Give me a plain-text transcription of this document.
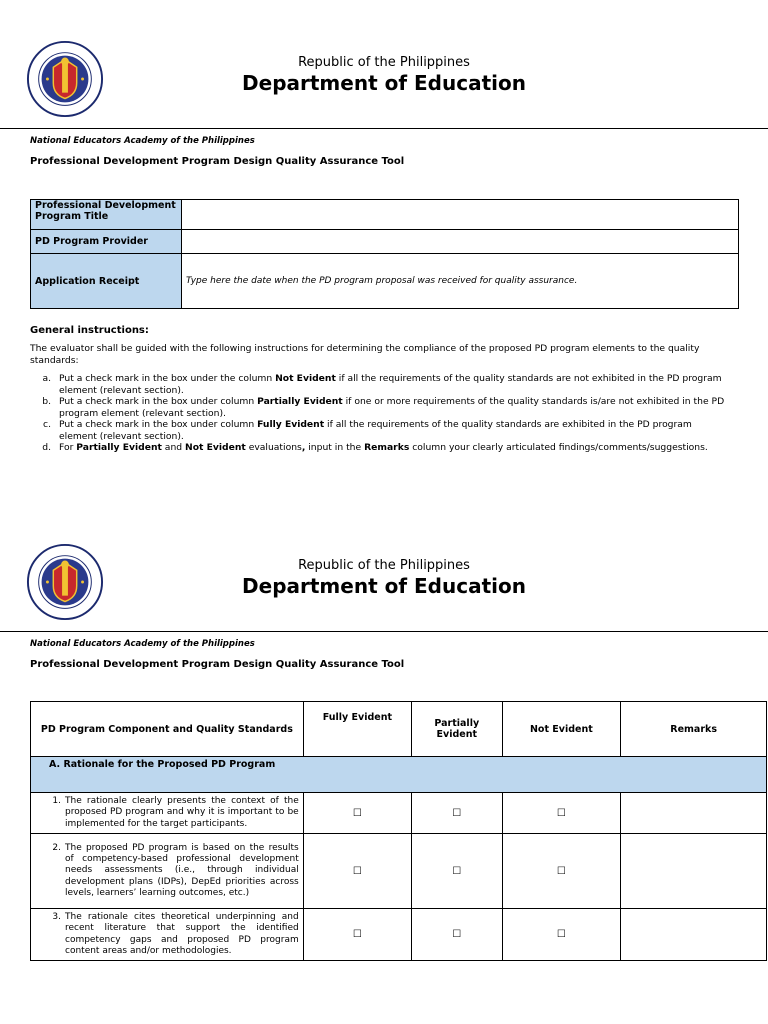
Republic of the Philippines
Department of Education
National Educators Academy of the Philippines
Professional Development Program Design Quality Assurance Tool
Professional Development Program Title	
PD Program Provider	
Application Receipt	Type here the date when the PD program proposal was received for quality assurance.
General instructions:
The evaluator shall be guided with the following instructions for determining the compliance of the proposed PD program elements to the quality standards:
a. Put a check mark in the box under the column Not Evident if all the requirements of the quality standards are not exhibited in the PD program element (relevant section).
b. Put a check mark in the box under column Partially Evident if one or more requirements of the quality standards is/are not exhibited in the PD program element (relevant section).
c. Put a check mark in the box under column Fully Evident if all the requirements of the quality standards are exhibited in the PD program element (relevant section).
d. For Partially Evident and Not Evident evaluations, input in the Remarks column your clearly articulated findings/comments/suggestions.
Republic of the Philippines
Department of Education
National Educators Academy of the Philippines
Professional Development Program Design Quality Assurance Tool
PD Program Component and Quality Standards	Fully Evident	Partially Evident	Not Evident	Remarks
A. Rationale for the Proposed PD Program				

1. The rationale clearly presents the context of the proposed PD program and why it is important to be implemented for the target participants.	☐	☐	☐	

2. The proposed PD program is based on the results of competency-based professional development needs assessments (i.e., through individual development plans (IDPs), DepEd priorities across levels, learners’ learning outcomes, etc.)	☐	☐	☐	

3. The rationale cites theoretical underpinning and recent literature that support the identified competency gaps and proposed PD program content areas and/or methodologies.	☐	☐	☐	
